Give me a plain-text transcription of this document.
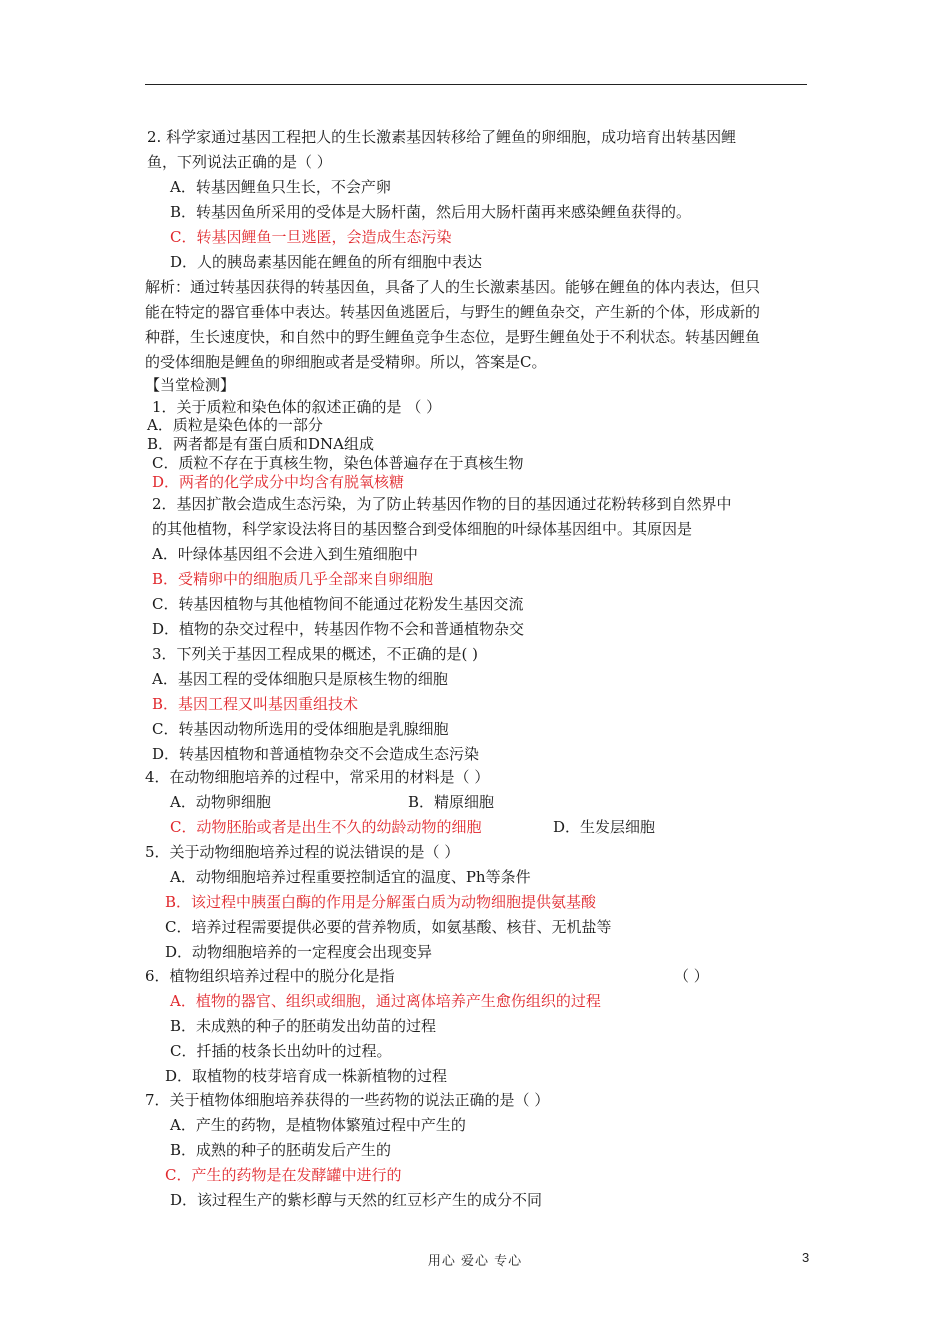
2. 科学家通过基因工程把人的生长激素基因转移给了鲤鱼的卵细胞，成功培育出转基因鲤
鱼，下列说法正确的是（ ）
A．转基因鲤鱼只生长，不会产卵
B．转基因鱼所采用的受体是大肠杆菌，然后用大肠杆菌再来感染鲤鱼获得的。
C．转基因鲤鱼一旦逃匿，会造成生态污染
D．人的胰岛素基因能在鲤鱼的所有细胞中表达
解析：通过转基因获得的转基因鱼，具备了人的生长激素基因。能够在鲤鱼的体内表达，但只
能在特定的器官垂体中表达。转基因鱼逃匿后，与野生的鲤鱼杂交，产生新的个体，形成新的
种群，生长速度快，和自然中的野生鲤鱼竞争生态位，是野生鲤鱼处于不利状态。转基因鲤鱼
的受体细胞是鲤鱼的卵细胞或者是受精卵。所以，答案是C。
【当堂检测】
1．关于质粒和染色体的叙述正确的是 （ ）
A．质粒是染色体的一部分
B．两者都是有蛋白质和DNA组成
C．质粒不存在于真核生物，染色体普遍存在于真核生物
D．两者的化学成分中均含有脱氧核糖
2．基因扩散会造成生态污染，为了防止转基因作物的目的基因通过花粉转移到自然界中
的其他植物，科学家设法将目的基因整合到受体细胞的叶绿体基因组中。其原因是
A．叶绿体基因组不会进入到生殖细胞中
B．受精卵中的细胞质几乎全部来自卵细胞
C．转基因植物与其他植物间不能通过花粉发生基因交流
D．植物的杂交过程中，转基因作物不会和普通植物杂交
3．下列关于基因工程成果的概述，不正确的是( )
A．基因工程的受体细胞只是原核生物的细胞
B．基因工程又叫基因重组技术
C．转基因动物所选用的受体细胞是乳腺细胞
D．转基因植物和普通植物杂交不会造成生态污染
4．在动物细胞培养的过程中，常采用的材料是（ ）
A．动物卵细胞	B．精原细胞
C．动物胚胎或者是出生不久的幼龄动物的细胞	D．生发层细胞
5．关于动物细胞培养过程的说法错误的是（ ）
A．动物细胞培养过程重要控制适宜的温度、Ph等条件
B．该过程中胰蛋白酶的作用是分解蛋白质为动物细胞提供氨基酸
C．培养过程需要提供必要的营养物质，如氨基酸、核苷、无机盐等
D．动物细胞培养的一定程度会出现变异
6．植物组织培养过程中的脱分化是指	（ ）
A．植物的器官、组织或细胞，通过离体培养产生愈伤组织的过程
B．未成熟的种子的胚萌发出幼苗的过程
C．扦插的枝条长出幼叶的过程。
D．取植物的枝芽培育成一株新植物的过程
7．关于植物体细胞培养获得的一些药物的说法正确的是（ ）
A．产生的药物，是植物体繁殖过程中产生的
B．成熟的种子的胚萌发后产生的
C．产生的药物是在发酵罐中进行的
D．该过程生产的紫杉醇与天然的红豆杉产生的成分不同
用心 爱心 专心	3
